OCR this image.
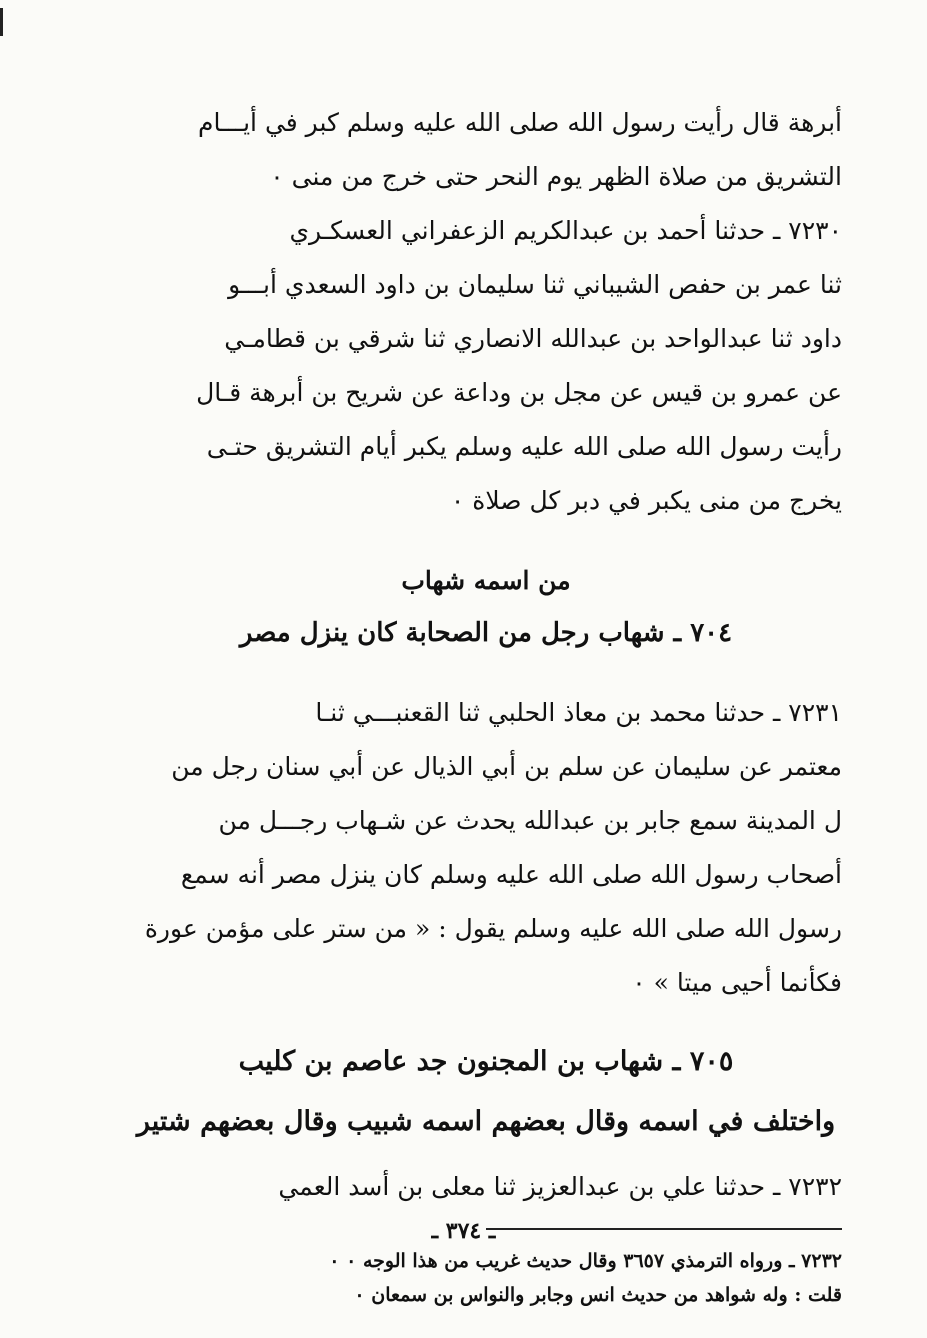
أبرهة قال رأيت رسول الله صلى الله عليه وسلم كبر في أيـــام

التشريق من صلاة الظهر يوم النحر حتى خرج من منى ٠

٧٢٣٠ ـ حدثنا أحمد بن عبدالكريم الزعفراني العسكـري

ثنا عمر بن حفص الشيباني ثنا سليمان بن داود السعدي أبـــو

داود ثنا عبدالواحد بن عبدالله الانصاري ثنا شرقي بن قطامـي

عن عمرو بن قيس عن مجل بن وداعة عن شريح بن أبرهة قـال

رأيت رسول الله صلى الله عليه وسلم يكبر أيام التشريق حتـى

يخرج من منى يكبر في دبر كل صلاة ٠

من اسمه شهاب
٧٠٤ ـ شهاب رجل من الصحابة كان ينزل مصر

٧٢٣١ ـ حدثنا محمد بن معاذ الحلبي ثنا القعنبـــي ثنـا

معتمر عن سليمان عن سلم بن أبي الذيال عن أبي سنان رجل من

ل المدينة سمع جابر بن عبدالله يحدث عن شـهاب رجـــل من

أصحاب رسول الله صلى الله عليه وسلم كان ينزل مصر أنه سمع

رسول الله صلى الله عليه وسلم يقول : « من ستر على مؤمن عورة

فكأنما أحيى ميتا » ٠

٧٠٥ ـ شهاب بن المجنون جد عاصم بن كليب
واختلف في اسمه وقال بعضهم اسمه شبيب وقال بعضهم شتير

٧٢٣٢ ـ حدثنا علي بن عبدالعزيز ثنا معلى بن أسد العمي

٧٢٣٢ ـ ورواه الترمذي ٣٦٥٧ وقال حديث غريب من هذا الوجه ٠ ٠

قلت : وله شواهد من حديث انس وجابر والنواس بن سمعان ٠

ـ ٣٧٤ ـ
